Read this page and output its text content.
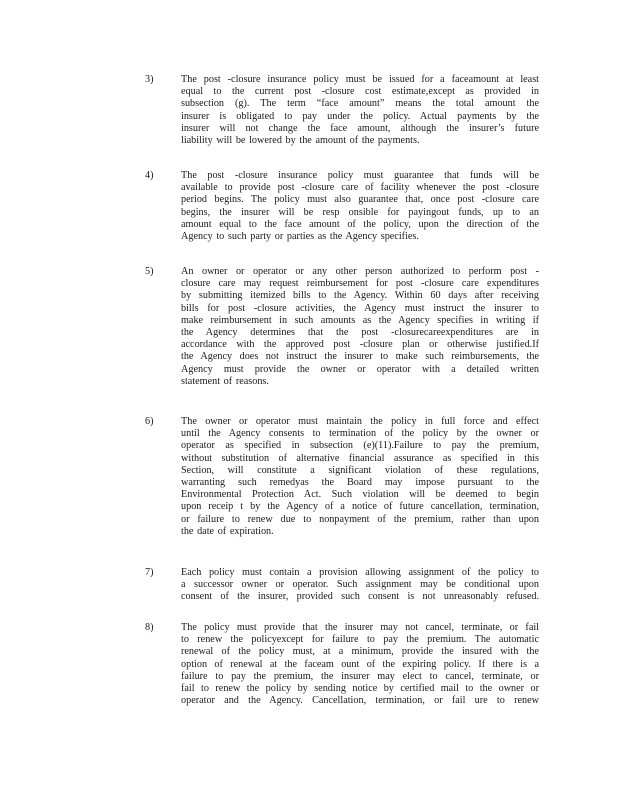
3)	The post -closure insurance policy must be issued for a faceamount at least
equal to the current post -closure cost estimate,except as provided in
subsection (g). The term “face amount” means the total amount the
insurer is obligated to pay under the policy. Actual payments by the
insurer will not change the face amount, although the insurer’s future
liability will be lowered by the amount of the payments.
4)	The post -closure insurance policy must guarantee that funds will be
available to provide post -closure care of facility whenever the post -closure
period begins. The policy must also guarantee that, once post -closure care
begins, the insurer will be resp onsible for payingout funds, up to an
amount equal to the face amount of the policy, upon the direction of the
Agency to such party or parties as the Agency specifies.
5)	An owner or operator or any other person authorized to perform post -
closure care may request reimbursement for post -closure care expenditures
by submitting itemized bills to the Agency. Within 60 days after receiving
bills for post -closure activities, the Agency must instruct the insurer to
make reimbursement in such amounts as the Agency specifies in writing if
the Agency determines that the post -closurecareexpenditures are in
accordance with the approved post -closure plan or otherwise justified.If
the Agency does not instruct the insurer to make such reimbursements, the
Agency must provide the owner or operator with a detailed written
statement of reasons.
6)	The owner or operator must maintain the policy in full force and effect
until the Agency consents to termination of the policy by the owner or
operator as specified in subsection (e)(11).Failure to pay the premium,
without substitution of alternative financial assurance as specified in this
Section, will constitute a significant violation of these regulations,
warranting such remedyas the Board may impose pursuant to the
Environmental Protection Act. Such violation will be deemed to begin
upon receip t by the Agency of a notice of future cancellation, termination,
or failure to renew due to nonpayment of the premium, rather than upon
the date of expiration.
7)	Each policy must contain a provision allowing assignment of the policy to
a successor owner or operator. Such assignment may be conditional upon
consent of the insurer, provided such consent is not unreasonably refused.
8)	The policy must provide that the insurer may not cancel, terminate, or fail
to renew the policyexcept for failure to pay the premium. The automatic
renewal of the policy must, at a minimum, provide the insured with the
option of renewal at the faceam ount of the expiring policy. If there is a
failure to pay the premium, the insurer may elect to cancel, terminate, or
fail to renew the policy by sending notice by certified mail to the owner or
operator and the Agency. Cancellation, termination, or fail ure to renew
